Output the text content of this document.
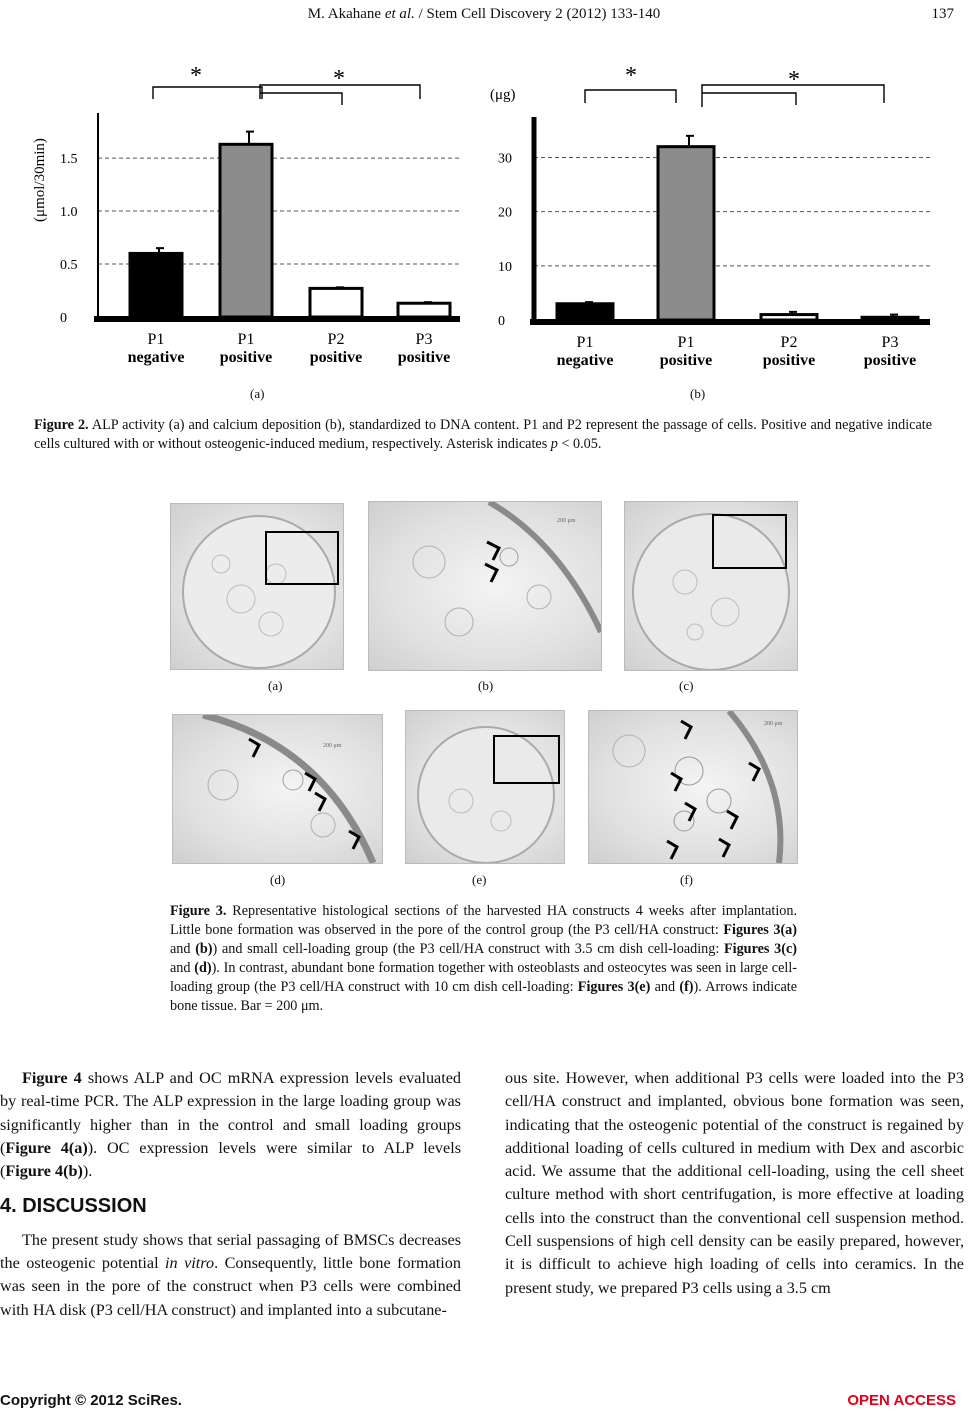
M. Akahane et al. / Stem Cell Discovery 2 (2012) 133-140	137
(μmol/30min)
0
0.5
1.0
1.5
P1
negative
P1
positive
P2
positive
P3
positive
*	*
(μg)
0
10
20
30
P1
negative
P1
positive
P2
positive
P3
positive
*	*
(a)	(b)
Figure 2. ALP activity (a) and calcium deposition (b), standardized to DNA content. P1 and P2 represent the passage of cells. Positive and negative indicate cells cultured with or without osteogenic-induced medium, respectively. Asterisk indicates p < 0.05.
200 μm
(a)	(b)	(c)
200 μm
200 μm
(d)	(e)	(f)
Figure 3. Representative histological sections of the harvested HA constructs 4 weeks after implantation. Little bone formation was observed in the pore of the control group (the P3 cell/HA construct: Figures 3(a) and (b)) and small cell-loading group (the P3 cell/HA construct with 3.5 cm dish cell-loading: Figures 3(c) and (d)). In contrast, abundant bone formation together with osteoblasts and osteocytes was seen in large cell-loading group (the P3 cell/HA construct with 10 cm dish cell-loading: Figures 3(e) and (f)). Arrows indicate bone tissue. Bar = 200 μm.

Figure 4 shows ALP and OC mRNA expression levels evaluated by real-time PCR. The ALP expression in the large loading group was significantly higher than in the control and small loading groups (Figure 4(a)). OC expression levels were similar to ALP levels (Figure 4(b)).

4. DISCUSSION

The present study shows that serial passaging of BMSCs decreases the osteogenic potential in vitro. Consequently, little bone formation was seen in the pore of the construct when P3 cells were combined with HA disk (P3 cell/HA construct) and implanted into a subcutane-

ous site. However, when additional P3 cells were loaded into the P3 cell/HA construct and implanted, obvious bone formation was seen, indicating that the osteogenic potential of the construct is regained by additional loading of cells cultured in medium with Dex and ascorbic acid. We assume that the additional cell-loading, using the cell sheet culture method with short centrifugation, is more effective at loading cells into the construct than the conventional cell suspension method. Cell suspensions of high cell density can be easily prepared, however, it is difficult to achieve high loading of cells into ceramics. In the present study, we prepared P3 cells using a 3.5 cm

Copyright © 2012 SciRes.	OPEN ACCESS
